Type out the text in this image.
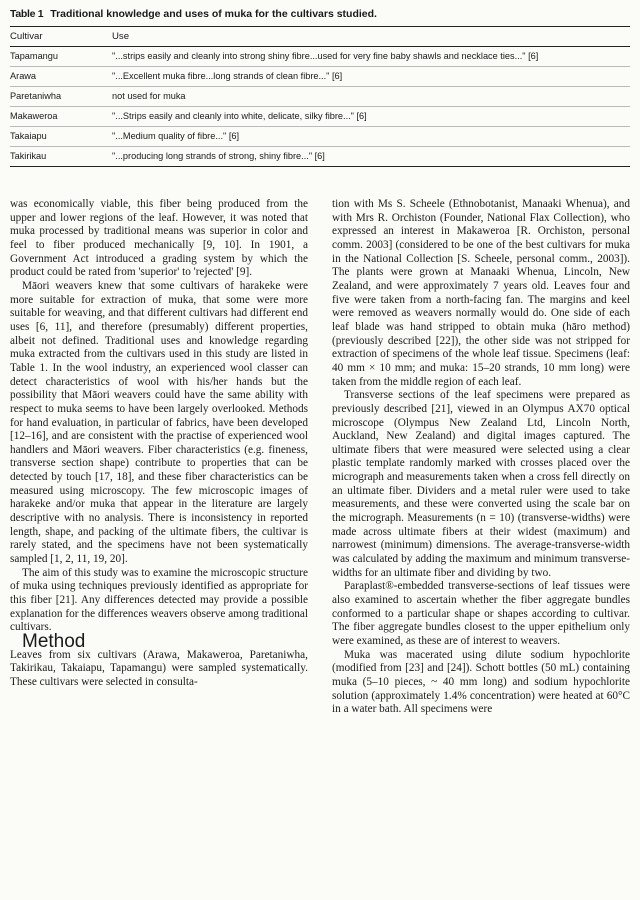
Table 1 Traditional knowledge and uses of muka for the cultivars studied.
Cultivar	Use
Tapamangu	"...strips easily and cleanly into strong shiny fibre...used for very fine baby shawls and necklace ties..." [6]
Arawa	"...Excellent muka fibre...long strands of clean fibre..." [6]
Paretaniwha	not used for muka
Makaweroa	"...Strips easily and cleanly into white, delicate, silky fibre..." [6]
Takaiapu	"...Medium quality of fibre..." [6]
Takirikau	"...producing long strands of strong, shiny fibre..." [6]

was economically viable, this fiber being produced from the upper and lower regions of the leaf. However, it was noted that muka processed by traditional means was superior in color and feel to fiber produced mechanically [9, 10]. In 1901, a Government Act introduced a grading system by which the product could be rated from 'superior' to 'rejected' [9].

Māori weavers knew that some cultivars of harakeke were more suitable for extraction of muka, that some were more suitable for weaving, and that different cultivars had different end uses [6, 11], and therefore (presumably) different properties, albeit not defined. Traditional uses and knowledge regarding muka extracted from the cultivars used in this study are listed in Table 1. In the wool industry, an experienced wool classer can detect characteristics of wool with his/her hands but the possibility that Māori weavers could have the same ability with respect to muka seems to have been largely overlooked. Methods for hand evaluation, in particular of fabrics, have been developed [12–16], and are consistent with the practise of experienced wool handlers and Māori weavers. Fiber characteristics (e.g. fineness, transverse section shape) contribute to properties that can be detected by touch [17, 18], and these fiber characteristics can be measured using microscopy. The few microscopic images of harakeke and/or muka that appear in the literature are largely descriptive with no analysis. There is inconsistency in reported length, shape, and packing of the ultimate fibers, the cultivar is rarely stated, and the specimens have not been systematically sampled [1, 2, 11, 19, 20].

The aim of this study was to examine the microscopic structure of muka using techniques previously identified as appropriate for this fiber [21]. Any differences detected may provide a possible explanation for the differences weavers observe among traditional cultivars.

Method

Leaves from six cultivars (Arawa, Makaweroa, Paretaniwha, Takirikau, Takaiapu, Tapamangu) were sampled systematically. These cultivars were selected in consulta-

tion with Ms S. Scheele (Ethnobotanist, Manaaki Whenua), and with Mrs R. Orchiston (Founder, National Flax Collection), who expressed an interest in Makaweroa [R. Orchiston, personal comm. 2003] (considered to be one of the best cultivars for muka in the National Collection [S. Scheele, personal comm., 2003]). The plants were grown at Manaaki Whenua, Lincoln, New Zealand, and were approximately 7 years old. Leaves four and five were taken from a north-facing fan. The margins and keel were removed as weavers normally would do. One side of each leaf blade was hand stripped to obtain muka (hāro method) (previously described [22]), the other side was not stripped for extraction of specimens of the whole leaf tissue. Specimens (leaf: 40 mm × 10 mm; and muka: 15–20 strands, 10 mm long) were taken from the middle region of each leaf.

Transverse sections of the leaf specimens were prepared as previously described [21], viewed in an Olympus AX70 optical microscope (Olympus New Zealand Ltd, Lincoln North, Auckland, New Zealand) and digital images captured. The ultimate fibers that were measured were selected using a clear plastic template randomly marked with crosses placed over the micrograph and measurements taken when a cross fell directly on an ultimate fiber. Dividers and a metal ruler were used to take measurements, and these were converted using the scale bar on the micrograph. Measurements (n = 10) (transverse-widths) were made across ultimate fibers at their widest (maximum) and narrowest (minimum) dimensions. The average-transverse-width was calculated by adding the maximum and minimum transverse-widths for an ultimate fiber and dividing by two.

Paraplast®-embedded transverse-sections of leaf tissues were also examined to ascertain whether the fiber aggregate bundles conformed to a particular shape or shapes according to cultivar. The fiber aggregate bundles closest to the upper epithelium only were examined, as these are of interest to weavers.

Muka was macerated using dilute sodium hypochlorite (modified from [23] and [24]). Schott bottles (50 mL) containing muka (5–10 pieces, ~ 40 mm long) and sodium hypochlorite solution (approximately 1.4% concentration) were heated at 60°C in a water bath. All specimens were
